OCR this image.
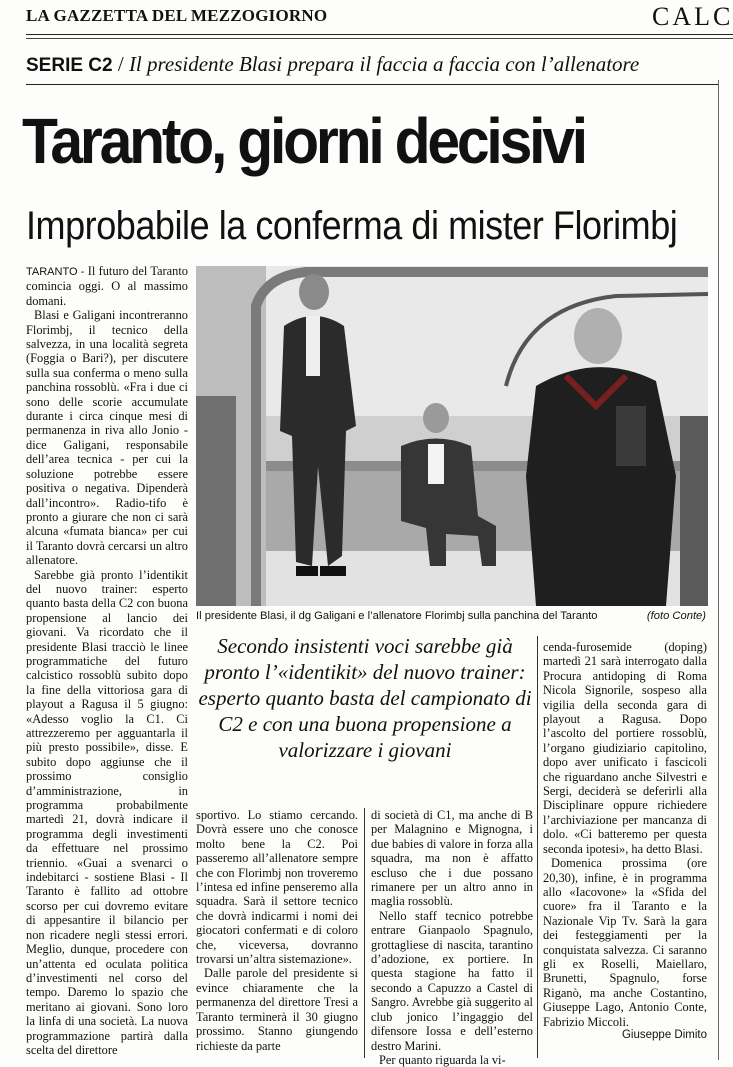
LA GAZZETTA DEL MEZZOGIORNO	CALC
SERIE C2 / Il presidente Blasi prepara il faccia a faccia con l’allenatore
Taranto, giorni decisivi
Improbabile la conferma di mister Florimbj

TARANTO - Il futuro del Taranto comincia oggi. O al massimo domani.

Blasi e Galigani incontreranno Florimbj, il tecnico della salvezza, in una località segreta (Foggia o Bari?), per discutere sulla sua conferma o meno sulla panchina rossoblù. «Fra i due ci sono delle scorie accumulate durante i circa cinque mesi di permanenza in riva allo Jonio - dice Galigani, responsabile dell’area tecnica - per cui la soluzione potrebbe essere positiva o negativa. Dipenderà dall’incontro». Radio-tifo è pronto a giurare che non ci sarà alcuna «fumata bianca» per cui il Taranto dovrà cercarsi un altro allenatore.

Sarebbe già pronto l’identikit del nuovo trainer: esperto quanto basta della C2 con buona propensione al lancio dei giovani. Va ricordato che il presidente Blasi tracciò le linee programmatiche del futuro calcistico rossoblù subito dopo la fine della vittoriosa gara di playout a Ragusa il 5 giugno: «Adesso voglio la C1. Ci attrezzeremo per agguantarla il più presto possibile», disse. E subito dopo aggiunse che il prossimo consiglio d’amministrazione, in programma probabilmente martedì 21, dovrà indicare il programma degli investimenti da effettuare nel prossimo triennio. «Guai a svenarci o indebitarci - sostiene Blasi - Il Taranto è fallito ad ottobre scorso per cui dovremo evitare di appesantire il bilancio per non ricadere negli stessi errori. Meglio, dunque, procedere con un’attenta ed oculata politica d’investimenti nel corso del tempo. Daremo lo spazio che meritano ai giovani. Sono loro la linfa di una società. La nuova programmazione partirà dalla scelta del direttore

Il presidente Blasi, il dg Galigani e l’allenatore Florimbj sulla panchina del Taranto	(foto Conte)
Secondo insistenti voci sarebbe già pronto l’«identikit» del nuovo trainer: esperto quanto basta del campionato di C2 e con una buona propensione a valorizzare i giovani

sportivo. Lo stiamo cercando. Dovrà essere uno che conosce molto bene la C2. Poi passeremo all’allenatore sempre che con Florimbj non troveremo l’intesa ed infine penseremo alla squadra. Sarà il settore tecnico che dovrà indicarmi i nomi dei giocatori confermati e di coloro che, viceversa, dovranno trovarsi un’altra sistemazione».

Dalle parole del presidente si evince chiaramente che la permanenza del direttore Tresi a Taranto terminerà il 30 giugno prossimo. Stanno giungendo richieste da parte

di società di C1, ma anche di B per Malagnino e Mignogna, i due babies di valore in forza alla squadra, ma non è affatto escluso che i due possano rimanere per un altro anno in maglia rossoblù.

Nello staff tecnico potrebbe entrare Gianpaolo Spagnulo, grottagliese di nascita, tarantino d’adozione, ex portiere. In questa stagione ha fatto il secondo a Capuzzo a Castel di Sangro. Avrebbe già suggerito al club jonico l’ingaggio del difensore Iossa e dell’esterno destro Marini.

Per quanto riguarda la vi-

cenda-furosemide (doping) martedì 21 sarà interrogato dalla Procura antidoping di Roma Nicola Signorile, sospeso alla vigilia della seconda gara di playout a Ragusa. Dopo l’ascolto del portiere rossoblù, l’organo giudiziario capitolino, dopo aver unificato i fascicoli che riguardano anche Silvestri e Sergi, deciderà se deferirli alla Disciplinare oppure richiedere l’archiviazione per mancanza di dolo. «Ci batteremo per questa seconda ipotesi», ha detto Blasi.

Domenica prossima (ore 20,30), infine, è in programma allo «Iacovone» la «Sfida del cuore» fra il Taranto e la Nazionale Vip Tv. Sarà la gara dei festeggiamenti per la conquistata salvezza. Ci saranno gli ex Roselli, Maiellaro, Brunetti, Spagnulo, forse Riganò, ma anche Costantino, Giuseppe Lago, Antonio Conte, Fabrizio Miccoli.

Giuseppe Dimito
